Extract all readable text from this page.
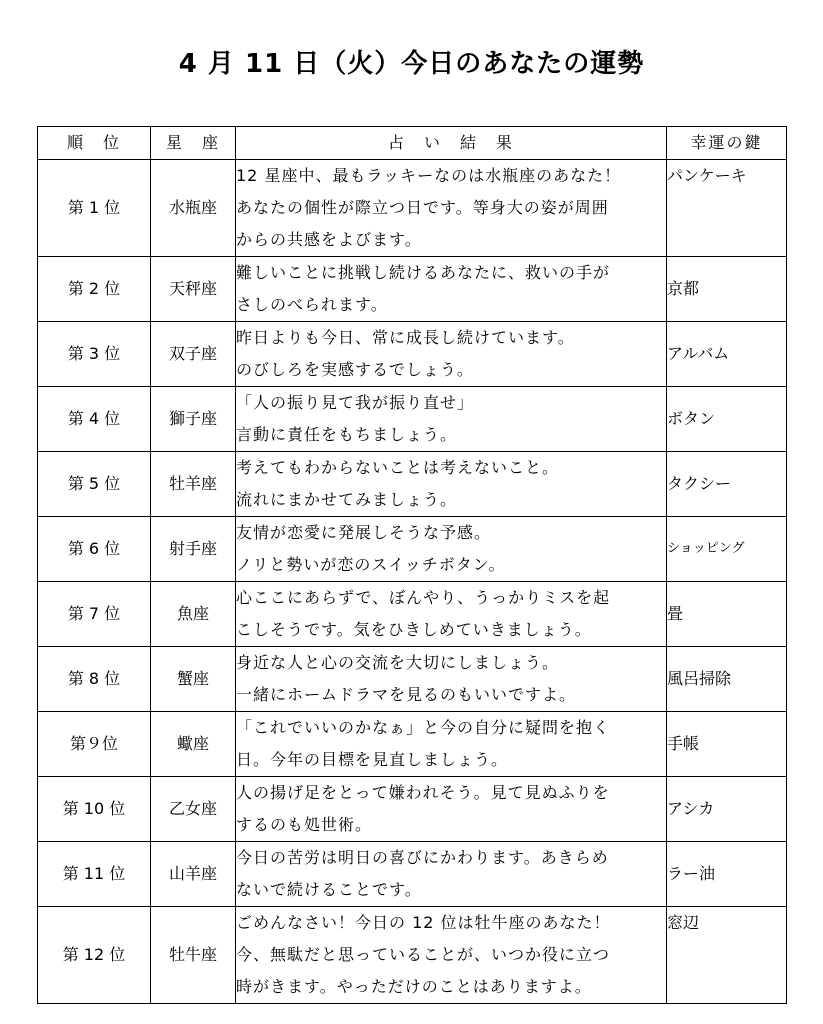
4 月 11 日（火）今日のあなたの運勢
順　位	星　座	占　い　結　果	幸運の鍵
第 1 位	水瓶座	12 星座中、最もラッキーなのは水瓶座のあなた！
あなたの個性が際立つ日です。等身大の姿が周囲
からの共感をよびます。	パンケーキ
第 2 位	天秤座	難しいことに挑戦し続けるあなたに、救いの手が
さしのべられます。	京都
第 3 位	双子座	昨日よりも今日、常に成長し続けています。
のびしろを実感するでしょう。	アルバム
第 4 位	獅子座	「人の振り見て我が振り直せ」
言動に責任をもちましょう。	ボタン
第 5 位	牡羊座	考えてもわからないことは考えないこと。
流れにまかせてみましょう。	タクシー
第 6 位	射手座	友情が恋愛に発展しそうな予感。
ノリと勢いが恋のスイッチボタン。	ショッピング
第 7 位	魚座	心ここにあらずで、ぼんやり、うっかりミスを起
こしそうです。気をひきしめていきましょう。	畳
第 8 位	蟹座	身近な人と心の交流を大切にしましょう。
一緒にホームドラマを見るのもいいですよ。	風呂掃除
第９位	蠍座	「これでいいのかなぁ」と今の自分に疑問を抱く
日。今年の目標を見直しましょう。	手帳
第 10 位	乙女座	人の揚げ足をとって嫌われそう。見て見ぬふりを
するのも処世術。	アシカ
第 11 位	山羊座	今日の苦労は明日の喜びにかわります。あきらめ
ないで続けることです。	ラー油
第 12 位	牡牛座	ごめんなさい！今日の 12 位は牡牛座のあなた！
今、無駄だと思っていることが、いつか役に立つ
時がきます。やっただけのことはありますよ。	窓辺
